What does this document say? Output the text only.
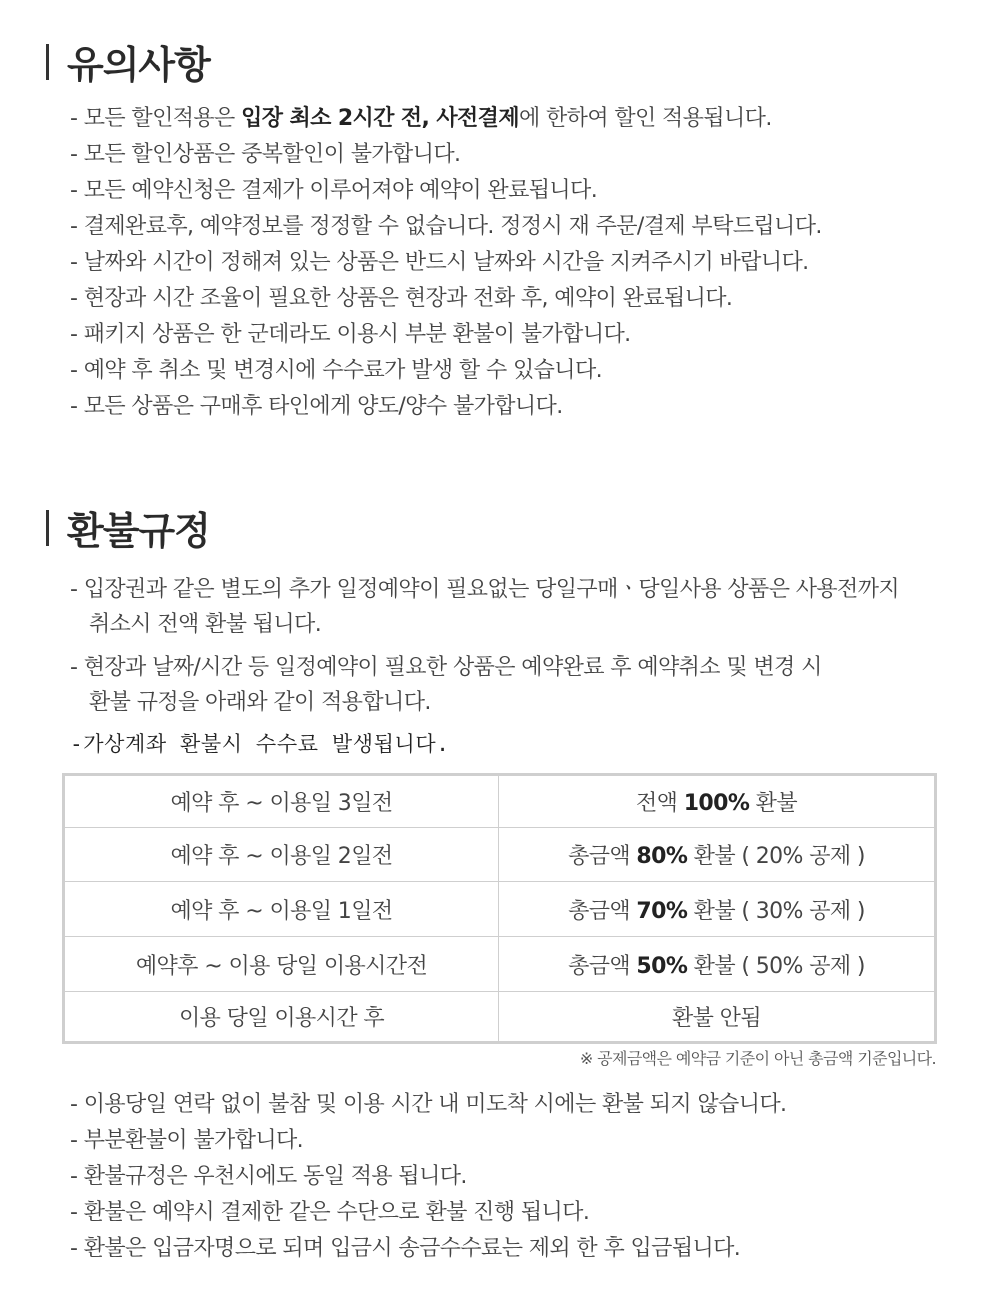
유의사항
- 모든 할인적용은 입장 최소 2시간 전, 사전결제에 한하여 할인 적용됩니다.
- 모든 할인상품은 중복할인이 불가합니다.
- 모든 예약신청은 결제가 이루어져야 예약이 완료됩니다.
- 결제완료후, 예약정보를 정정할 수 없습니다. 정정시 재 주문/결제 부탁드립니다.
- 날짜와 시간이 정해져 있는 상품은 반드시 날짜와 시간을 지켜주시기 바랍니다.
- 현장과 시간 조율이 필요한 상품은 현장과 전화 후, 예약이 완료됩니다.
- 패키지 상품은 한 군데라도 이용시 부분 환불이 불가합니다.
- 예약 후 취소 및 변경시에 수수료가 발생 할 수 있습니다.
- 모든 상품은 구매후 타인에게 양도/양수 불가합니다.
환불규정
- 입장권과 같은 별도의 추가 일정예약이 필요없는 당일구매ㆍ당일사용 상품은 사용전까지
취소시 전액 환불 됩니다.
- 현장과 날짜/시간 등 일정예약이 필요한 상품은 예약완료 후 예약취소 및 변경 시
환불 규정을 아래와 같이 적용합니다.
-가상계좌 환불시 수수료 발생됩니다.
예약 후 ~ 이용일 3일전	전액 100% 환불
예약 후 ~ 이용일 2일전	총금액 80% 환불 ( 20% 공제 )
예약 후 ~ 이용일 1일전	총금액 70% 환불 ( 30% 공제 )
예약후 ~ 이용 당일 이용시간전	총금액 50% 환불 ( 50% 공제 )
이용 당일 이용시간 후	환불 안됨
※ 공제금액은 예약금 기준이 아닌 총금액 기준입니다.
- 이용당일 연락 없이 불참 및 이용 시간 내 미도착 시에는 환불 되지 않습니다.
- 부분환불이 불가합니다.
- 환불규정은 우천시에도 동일 적용 됩니다.
- 환불은 예약시 결제한 같은 수단으로 환불 진행 됩니다.
- 환불은 입금자명으로 되며 입금시 송금수수료는 제외 한 후 입금됩니다.
